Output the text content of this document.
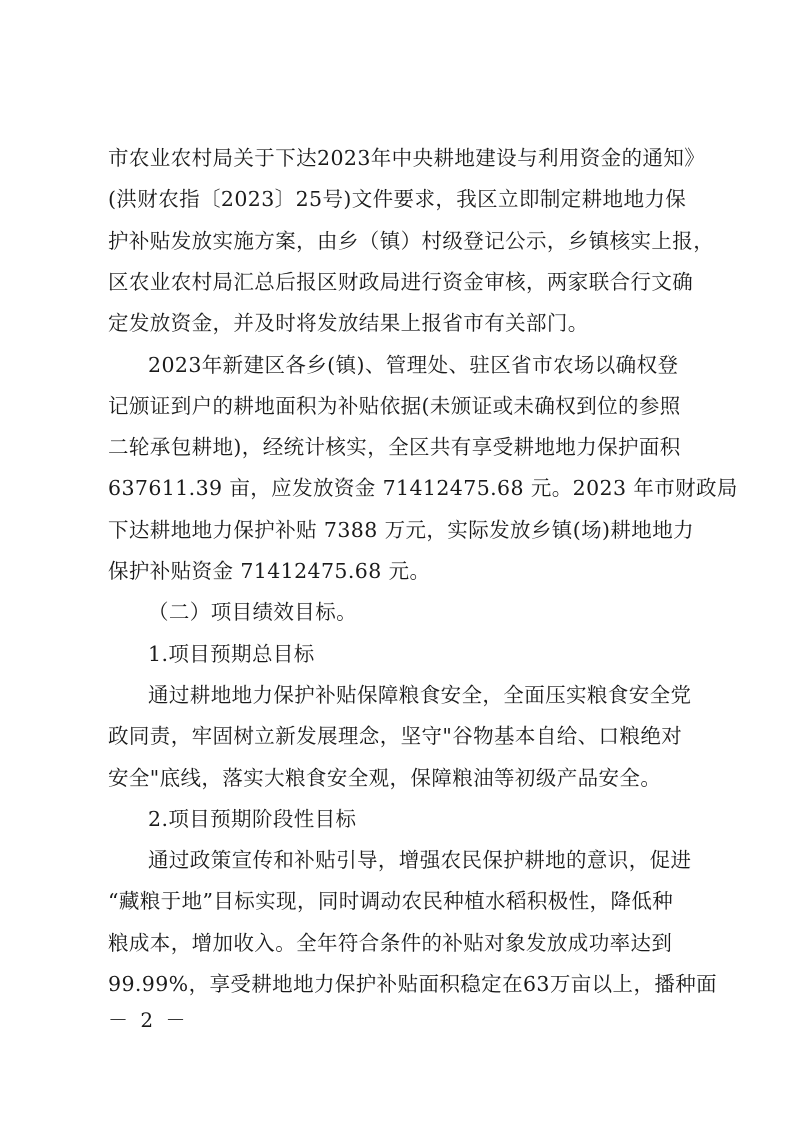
市农业农村局关于下达2023年中央耕地建设与利用资金的通知》
(洪财农指〔2023〕25号)文件要求，我区立即制定耕地地力保
护补贴发放实施方案，由乡（镇）村级登记公示，乡镇核实上报，
区农业农村局汇总后报区财政局进行资金审核，两家联合行文确
定发放资金，并及时将发放结果上报省市有关部门。
2023年新建区各乡(镇)、管理处、驻区省市农场以确权登
记颁证到户的耕地面积为补贴依据(未颁证或未确权到位的参照
二轮承包耕地)，经统计核实，全区共有享受耕地地力保护面积
637611.39 亩，应发放资金 71412475.68 元。2023 年市财政局
下达耕地地力保护补贴 7388 万元，实际发放乡镇(场)耕地地力
保护补贴资金 71412475.68 元。
（二）项目绩效目标。
1.项目预期总目标
通过耕地地力保护补贴保障粮食安全，全面压实粮食安全党
政同责，牢固树立新发展理念，坚守"谷物基本自给、口粮绝对
安全"底线，落实大粮食安全观，保障粮油等初级产品安全。
2.项目预期阶段性目标
通过政策宣传和补贴引导，增强农民保护耕地的意识，促进
“藏粮于地”目标实现，同时调动农民种植水稻积极性，降低种
粮成本，增加收入。全年符合条件的补贴对象发放成功率达到
99.99%，享受耕地地力保护补贴面积稳定在63万亩以上，播种面
－ 2 －
